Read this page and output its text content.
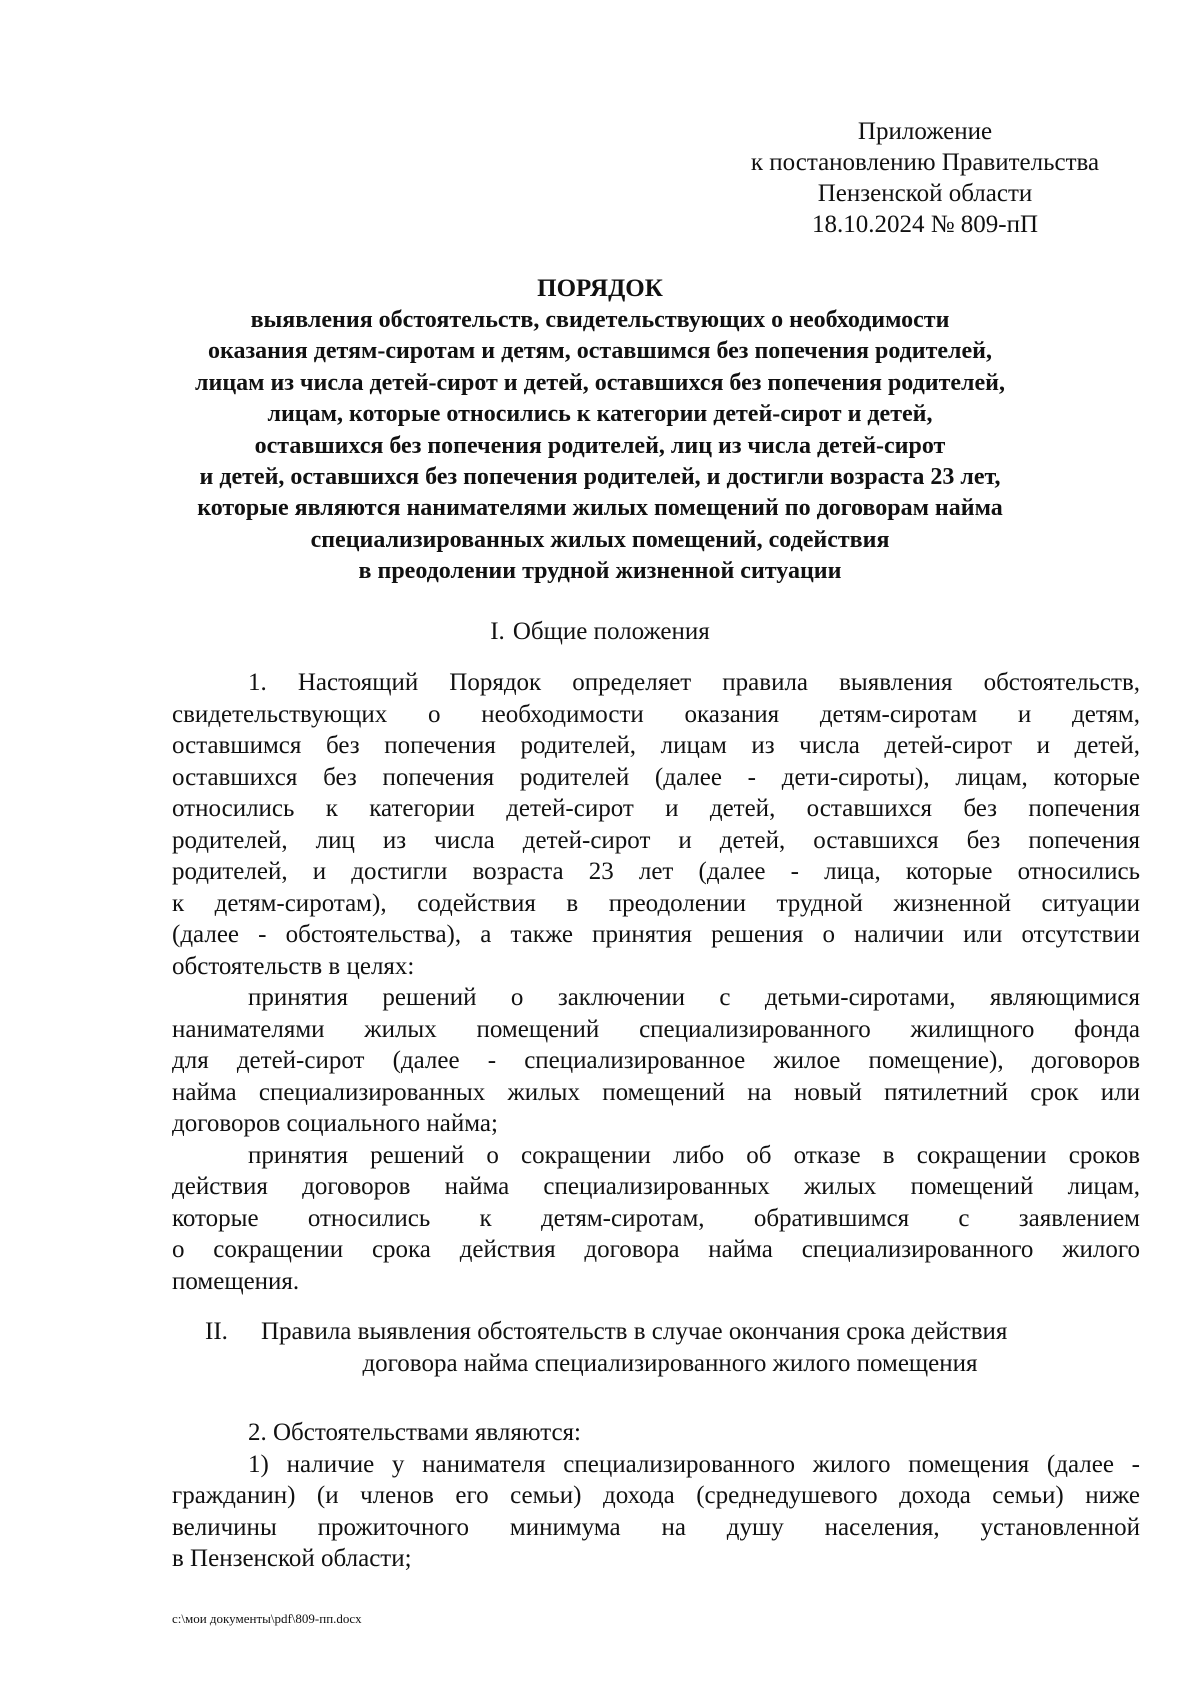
Приложение
к постановлению Правительства
Пензенской области
18.10.2024 № 809-пП
ПОРЯДОК
выявления обстоятельств, свидетельствующих о необходимости
оказания детям-сиротам и детям, оставшимся без попечения родителей,
лицам из числа детей-сирот и детей, оставшихся без попечения родителей,
лицам, которые относились к категории детей-сирот и детей,
оставшихся без попечения родителей, лиц из числа детей-сирот
и детей, оставшихся без попечения родителей, и достигли возраста 23 лет,
которые являются нанимателями жилых помещений по договорам найма
специализированных жилых помещений, содействия
в преодолении трудной жизненной ситуации
I. Общие положения
1. Настоящий Порядок определяет правила выявления обстоятельств,
свидетельствующих о необходимости оказания детям-сиротам и детям,
оставшимся без попечения родителей, лицам из числа детей-сирот и детей,
оставшихся без попечения родителей (далее - дети-сироты), лицам, которые
относились к категории детей-сирот и детей, оставшихся без попечения
родителей, лиц из числа детей-сирот и детей, оставшихся без попечения
родителей, и достигли возраста 23 лет (далее - лица, которые относились
к детям-сиротам), содействия в преодолении трудной жизненной ситуации
(далее - обстоятельства), а также принятия решения о наличии или отсутствии
обстоятельств в целях:
принятия решений о заключении с детьми-сиротами, являющимися
нанимателями жилых помещений специализированного жилищного фонда
для детей-сирот (далее - специализированное жилое помещение), договоров
найма специализированных жилых помещений на новый пятилетний срок или
договоров социального найма;
принятия решений о сокращении либо об отказе в сокращении сроков
действия договоров найма специализированных жилых помещений лицам,
которые относились к детям-сиротам, обратившимся с заявлением
о сокращении срока действия договора найма специализированного жилого
помещения.
II. Правила выявления обстоятельств в случае окончания срока действия
договора найма специализированного жилого помещения
2. Обстоятельствами являются:
1) наличие у нанимателя специализированного жилого помещения (далее -
гражданин) (и членов его семьи) дохода (среднедушевого дохода семьи) ниже
величины прожиточного минимума на душу населения, установленной
в Пензенской области;
c:\мои документы\pdf\809-пп.docx
